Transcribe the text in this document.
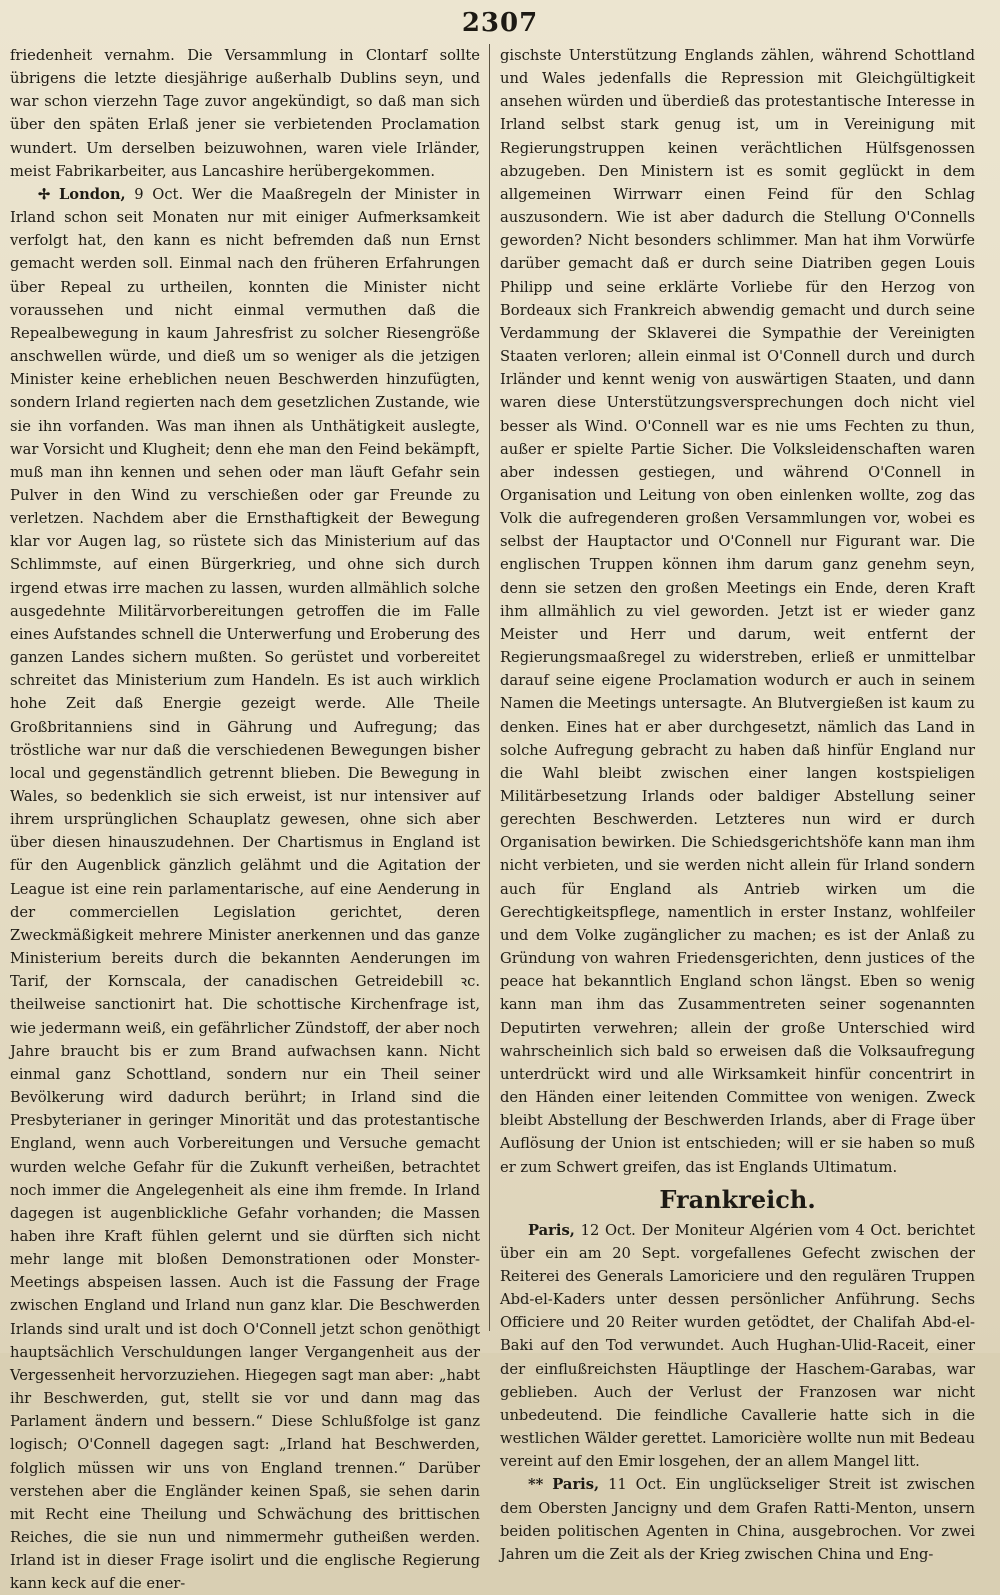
2307

friedenheit vernahm. Die Versammlung in Clontarf sollte übrigens die letzte diesjährige außerhalb Dublins seyn, und war schon vierzehn Tage zuvor angekündigt, so daß man sich über den späten Erlaß jener sie verbietenden Proclamation wundert. Um derselben beizuwohnen, waren viele Irländer, meist Fabrikarbeiter, aus Lancashire herübergekommen.

✢ London, 9 Oct. Wer die Maaßregeln der Minister in Irland schon seit Monaten nur mit einiger Aufmerksamkeit verfolgt hat, den kann es nicht befremden daß nun Ernst gemacht werden soll. Einmal nach den früheren Erfahrungen über Repeal zu urtheilen, konnten die Minister nicht voraussehen und nicht einmal vermuthen daß die Repealbewegung in kaum Jahresfrist zu solcher Riesengröße anschwellen würde, und dieß um so weniger als die jetzigen Minister keine erheblichen neuen Beschwerden hinzufügten, sondern Irland regierten nach dem gesetzlichen Zustande, wie sie ihn vorfanden. Was man ihnen als Unthätigkeit auslegte, war Vorsicht und Klugheit; denn ehe man den Feind bekämpft, muß man ihn kennen und sehen oder man läuft Gefahr sein Pulver in den Wind zu verschießen oder gar Freunde zu verletzen. Nachdem aber die Ernsthaftigkeit der Bewegung klar vor Augen lag, so rüstete sich das Ministerium auf das Schlimmste, auf einen Bürgerkrieg, und ohne sich durch irgend etwas irre machen zu lassen, wurden allmählich solche ausgedehnte Militärvorbereitungen getroffen die im Falle eines Aufstandes schnell die Unterwerfung und Eroberung des ganzen Landes sichern mußten. So gerüstet und vorbereitet schreitet das Ministerium zum Handeln. Es ist auch wirklich hohe Zeit daß Energie gezeigt werde. Alle Theile Großbritanniens sind in Gährung und Aufregung; das tröstliche war nur daß die verschiedenen Bewegungen bisher local und gegenständlich getrennt blieben. Die Bewegung in Wales, so bedenklich sie sich erweist, ist nur intensiver auf ihrem ursprünglichen Schauplatz gewesen, ohne sich aber über diesen hinauszudehnen. Der Chartismus in England ist für den Augenblick gänzlich gelähmt und die Agitation der League ist eine rein parlamentarische, auf eine Aenderung in der commerciellen Legislation gerichtet, deren Zweckmäßigkeit mehrere Minister anerkennen und das ganze Ministerium bereits durch die bekannten Aenderungen im Tarif, der Kornscala, der canadischen Getreidebill ꝛc. theilweise sanctionirt hat. Die schottische Kirchenfrage ist, wie jedermann weiß, ein gefährlicher Zündstoff, der aber noch Jahre braucht bis er zum Brand aufwachsen kann. Nicht einmal ganz Schottland, sondern nur ein Theil seiner Bevölkerung wird dadurch berührt; in Irland sind die Presbyterianer in geringer Minorität und das protestantische England, wenn auch Vorbereitungen und Versuche gemacht wurden welche Gefahr für die Zukunft verheißen, betrachtet noch immer die Angelegenheit als eine ihm fremde. In Irland dagegen ist augenblickliche Gefahr vorhanden; die Massen haben ihre Kraft fühlen gelernt und sie dürften sich nicht mehr lange mit bloßen Demonstrationen oder Monster-Meetings abspeisen lassen. Auch ist die Fassung der Frage zwischen England und Irland nun ganz klar. Die Beschwerden Irlands sind uralt und ist doch O'Connell jetzt schon genöthigt hauptsächlich Verschuldungen langer Vergangenheit aus der Vergessenheit hervorzuziehen. Hiegegen sagt man aber: „habt ihr Beschwerden, gut, stellt sie vor und dann mag das Parlament ändern und bessern.“ Diese Schlußfolge ist ganz logisch; O'Connell dagegen sagt: „Irland hat Beschwerden, folglich müssen wir uns von England trennen.“ Darüber verstehen aber die Engländer keinen Spaß, sie sehen darin mit Recht eine Theilung und Schwächung des brittischen Reiches, die sie nun und nimmermehr gutheißen werden. Irland ist in dieser Frage isolirt und die englische Regierung kann keck auf die ener-

gischste Unterstützung Englands zählen, während Schottland und Wales jedenfalls die Repression mit Gleichgültigkeit ansehen würden und überdieß das protestantische Interesse in Irland selbst stark genug ist, um in Vereinigung mit Regierungstruppen keinen verächtlichen Hülfsgenossen abzugeben. Den Ministern ist es somit geglückt in dem allgemeinen Wirrwarr einen Feind für den Schlag auszusondern. Wie ist aber dadurch die Stellung O'Connells geworden? Nicht besonders schlimmer. Man hat ihm Vorwürfe darüber gemacht daß er durch seine Diatriben gegen Louis Philipp und seine erklärte Vorliebe für den Herzog von Bordeaux sich Frankreich abwendig gemacht und durch seine Verdammung der Sklaverei die Sympathie der Vereinigten Staaten verloren; allein einmal ist O'Connell durch und durch Irländer und kennt wenig von auswärtigen Staaten, und dann waren diese Unterstützungsversprechungen doch nicht viel besser als Wind. O'Connell war es nie ums Fechten zu thun, außer er spielte Partie Sicher. Die Volksleidenschaften waren aber indessen gestiegen, und während O'Connell in Organisation und Leitung von oben einlenken wollte, zog das Volk die aufregenderen großen Versammlungen vor, wobei es selbst der Hauptactor und O'Connell nur Figurant war. Die englischen Truppen können ihm darum ganz genehm seyn, denn sie setzen den großen Meetings ein Ende, deren Kraft ihm allmählich zu viel geworden. Jetzt ist er wieder ganz Meister und Herr und darum, weit entfernt der Regierungsmaaßregel zu widerstreben, erließ er unmittelbar darauf seine eigene Proclamation wodurch er auch in seinem Namen die Meetings untersagte. An Blutvergießen ist kaum zu denken. Eines hat er aber durchgesetzt, nämlich das Land in solche Aufregung gebracht zu haben daß hinfür England nur die Wahl bleibt zwischen einer langen kostspieligen Militärbesetzung Irlands oder baldiger Abstellung seiner gerechten Beschwerden. Letzteres nun wird er durch Organisation bewirken. Die Schiedsgerichtshöfe kann man ihm nicht verbieten, und sie werden nicht allein für Irland sondern auch für England als Antrieb wirken um die Gerechtigkeitspflege, namentlich in erster Instanz, wohlfeiler und dem Volke zugänglicher zu machen; es ist der Anlaß zu Gründung von wahren Friedensgerichten, denn justices of the peace hat bekanntlich England schon längst. Eben so wenig kann man ihm das Zusammentreten seiner sogenannten Deputirten verwehren; allein der große Unterschied wird wahrscheinlich sich bald so erweisen daß die Volksaufregung unterdrückt wird und alle Wirksamkeit hinfür concentrirt in den Händen einer leitenden Committee von wenigen. Zweck bleibt Abstellung der Beschwerden Irlands, aber di Frage über Auflösung der Union ist entschieden; will er sie haben so muß er zum Schwert greifen, das ist Englands Ultimatum.

Frankreich.

Paris, 12 Oct. Der Moniteur Algérien vom 4 Oct. berichtet über ein am 20 Sept. vorgefallenes Gefecht zwischen der Reiterei des Generals Lamoriciere und den regulären Truppen Abd-el-Kaders unter dessen persönlicher Anführung. Sechs Officiere und 20 Reiter wurden getödtet, der Chalifah Abd-el-Baki auf den Tod verwundet. Auch Hughan-Ulid-Raceit, einer der einflußreichsten Häuptlinge der Haschem-Garabas, war geblieben. Auch der Verlust der Franzosen war nicht unbedeutend. Die feindliche Cavallerie hatte sich in die westlichen Wälder gerettet. Lamoricière wollte nun mit Bedeau vereint auf den Emir losgehen, der an allem Mangel litt.

** Paris, 11 Oct. Ein unglückseliger Streit ist zwischen dem Obersten Jancigny und dem Grafen Ratti-Menton, unsern beiden politischen Agenten in China, ausgebrochen. Vor zwei Jahren um die Zeit als der Krieg zwischen China und Eng-
